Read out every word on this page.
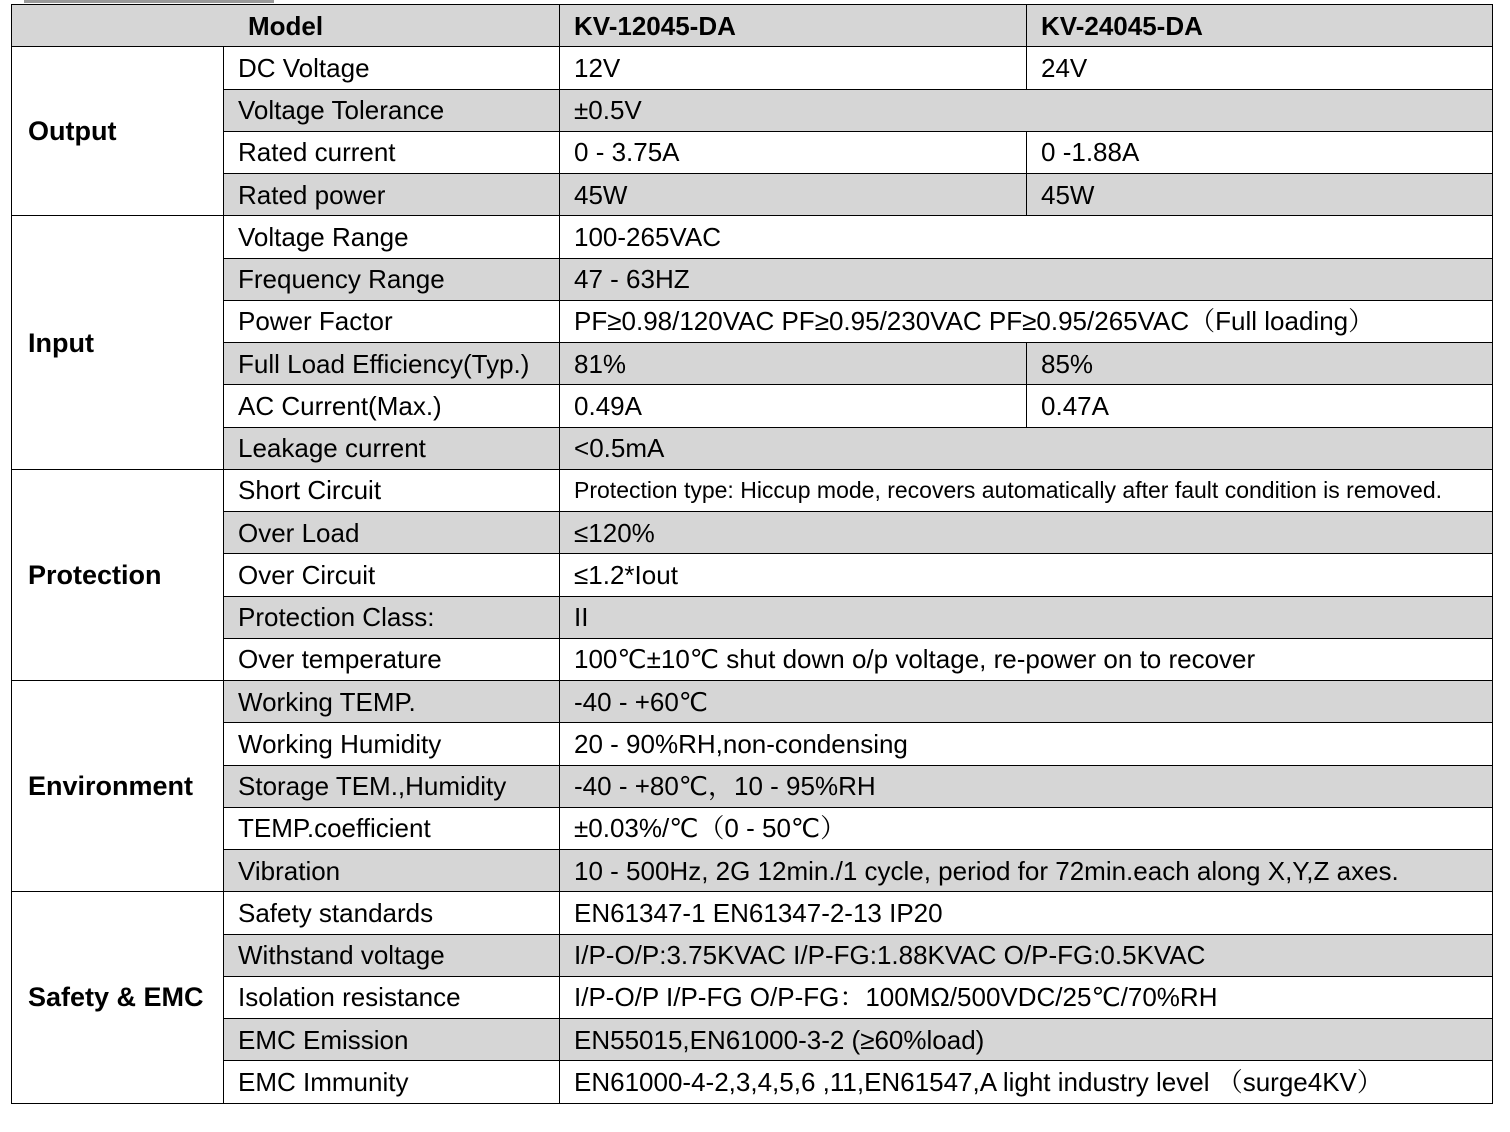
Model		KV-12045-DA	KV-24045-DA
Output	DC Voltage	12V	24V
	Voltage Tolerance	±0.5V	
	Rated current	0 - 3.75A	0 -1.88A
	Rated power	45W	45W
Input	Voltage Range	100-265VAC	
	Frequency Range	47 - 63HZ	
	Power Factor	PF≥0.98/120VAC PF≥0.95/230VAC PF≥0.95/265VAC（Full loading）	
	Full Load Efficiency(Typ.)	81%	85%
	AC Current(Max.)	0.49A	0.47A
	Leakage current	<0.5mA	
Protection	Short Circuit	Protection type: Hiccup mode, recovers automatically after fault condition is removed.	
	Over Load	≤120%	
	Over Circuit	≤1.2*Iout	
	Protection Class:	II	
	Over temperature	100℃±10℃ shut down o/p voltage, re-power on to recover	
Environment	Working TEMP.	-40 - +60℃	
	Working Humidity	20 - 90%RH,non-condensing	
	Storage TEM.,Humidity	-40 - +80℃，10 - 95%RH	
	TEMP.coefficient	±0.03%/℃（0 - 50℃）	
	Vibration	10 - 500Hz, 2G 12min./1 cycle, period for 72min.each along X,Y,Z axes.	
Safety & EMC	Safety standards	EN61347-1 EN61347-2-13 IP20	
	Withstand voltage	I/P-O/P:3.75KVAC I/P-FG:1.88KVAC O/P-FG:0.5KVAC	
	Isolation resistance	I/P-O/P I/P-FG O/P-FG：100MΩ/500VDC/25℃/70%RH	
	EMC Emission	EN55015,EN61000-3-2 (≥60%load)	
	EMC Immunity	EN61000-4-2,3,4,5,6 ,11,EN61547,A light industry level （surge4KV）	
